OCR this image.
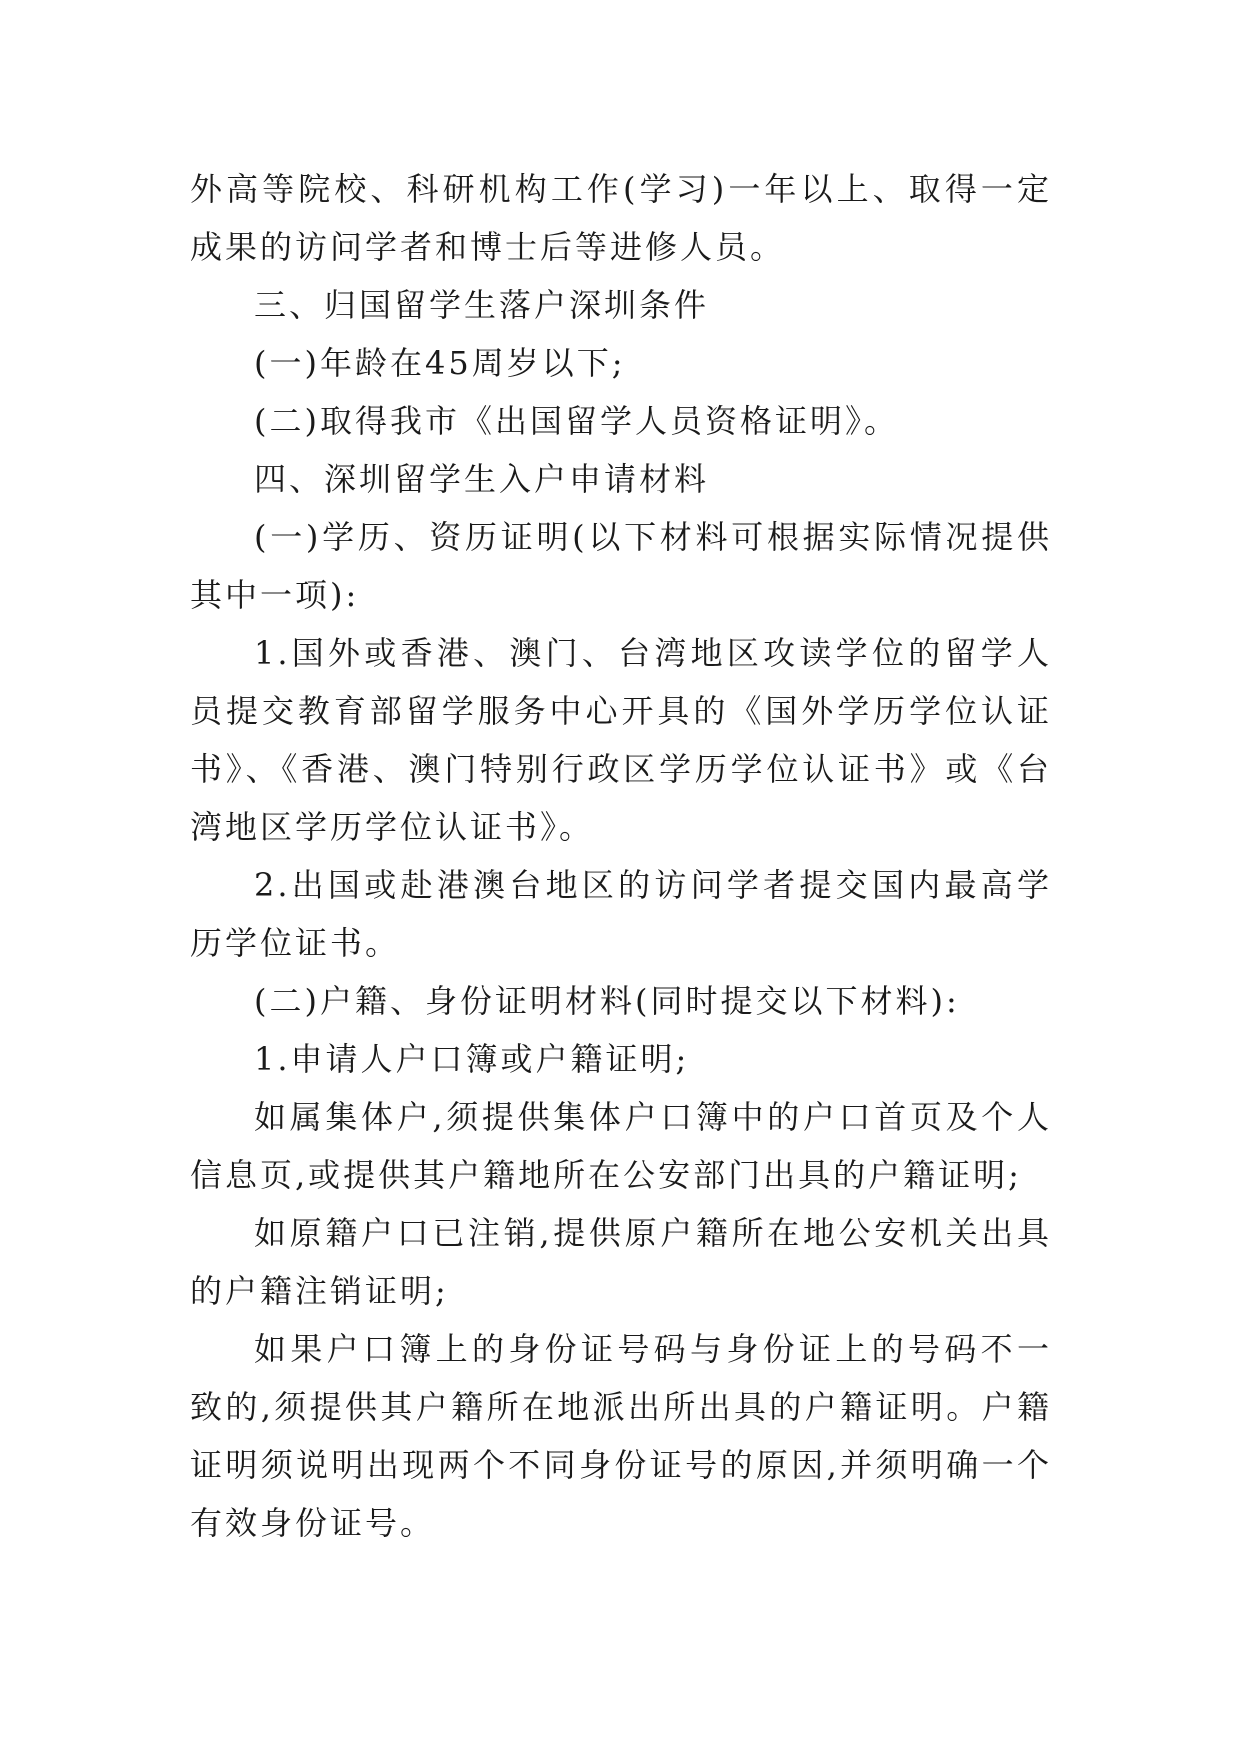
外高等院校、科研机构工作(学习)一年以上、取得一定成果的访问学者和博士后等进修人员。

三、归国留学生落户深圳条件

(一)年龄在45周岁以下;

(二)取得我市《出国留学人员资格证明》。

四、深圳留学生入户申请材料

(一)学历、资历证明(以下材料可根据实际情况提供其中一项):

1.国外或香港、澳门、台湾地区攻读学位的留学人员提交教育部留学服务中心开具的《国外学历学位认证书》、《香港、澳门特别行政区学历学位认证书》或《台湾地区学历学位认证书》。

2.出国或赴港澳台地区的访问学者提交国内最高学历学位证书。

(二)户籍、身份证明材料(同时提交以下材料):

1.申请人户口簿或户籍证明;

如属集体户,须提供集体户口簿中的户口首页及个人信息页,或提供其户籍地所在公安部门出具的户籍证明;

如原籍户口已注销,提供原户籍所在地公安机关出具的户籍注销证明;

如果户口簿上的身份证号码与身份证上的号码不一致的,须提供其户籍所在地派出所出具的户籍证明。户籍证明须说明出现两个不同身份证号的原因,并须明确一个有效身份证号。
